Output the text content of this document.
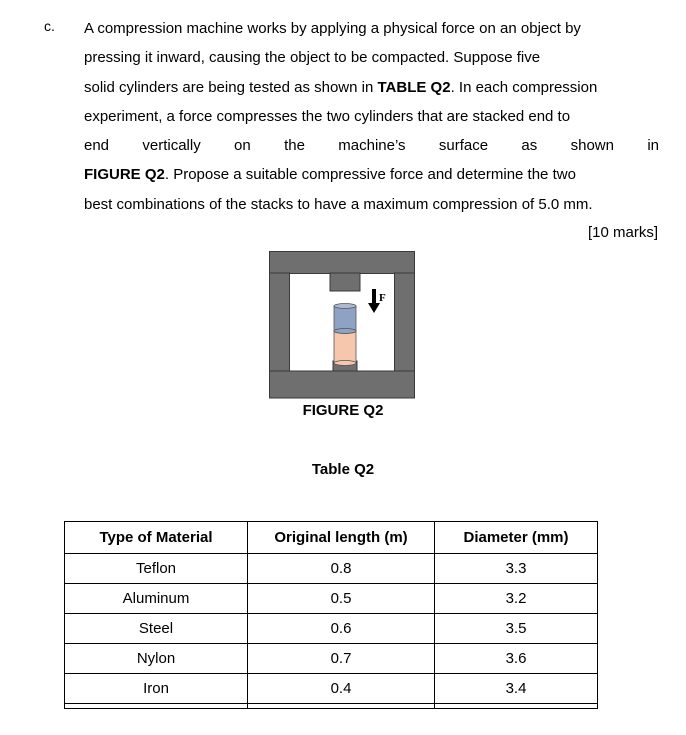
c. A compression machine works by applying a physical force on an object by
pressing it inward, causing the object to be compacted. Suppose five
solid cylinders are being tested as shown in TABLE Q2. In each compression
experiment, a force compresses the two cylinders that are stacked end to
end vertically on the machine’s surface as shown in
FIGURE Q2. Propose a suitable compressive force and determine the two
best combinations of the stacks to have a maximum compression of 5.0 mm.
[10 marks]
F
FIGURE Q2
Table Q2
Type of Material	Original length (m)	Diameter (mm)
Teflon	0.8	3.3
Aluminum	0.5	3.2
Steel	0.6	3.5
Nylon	0.7	3.6
Iron	0.4	3.4
